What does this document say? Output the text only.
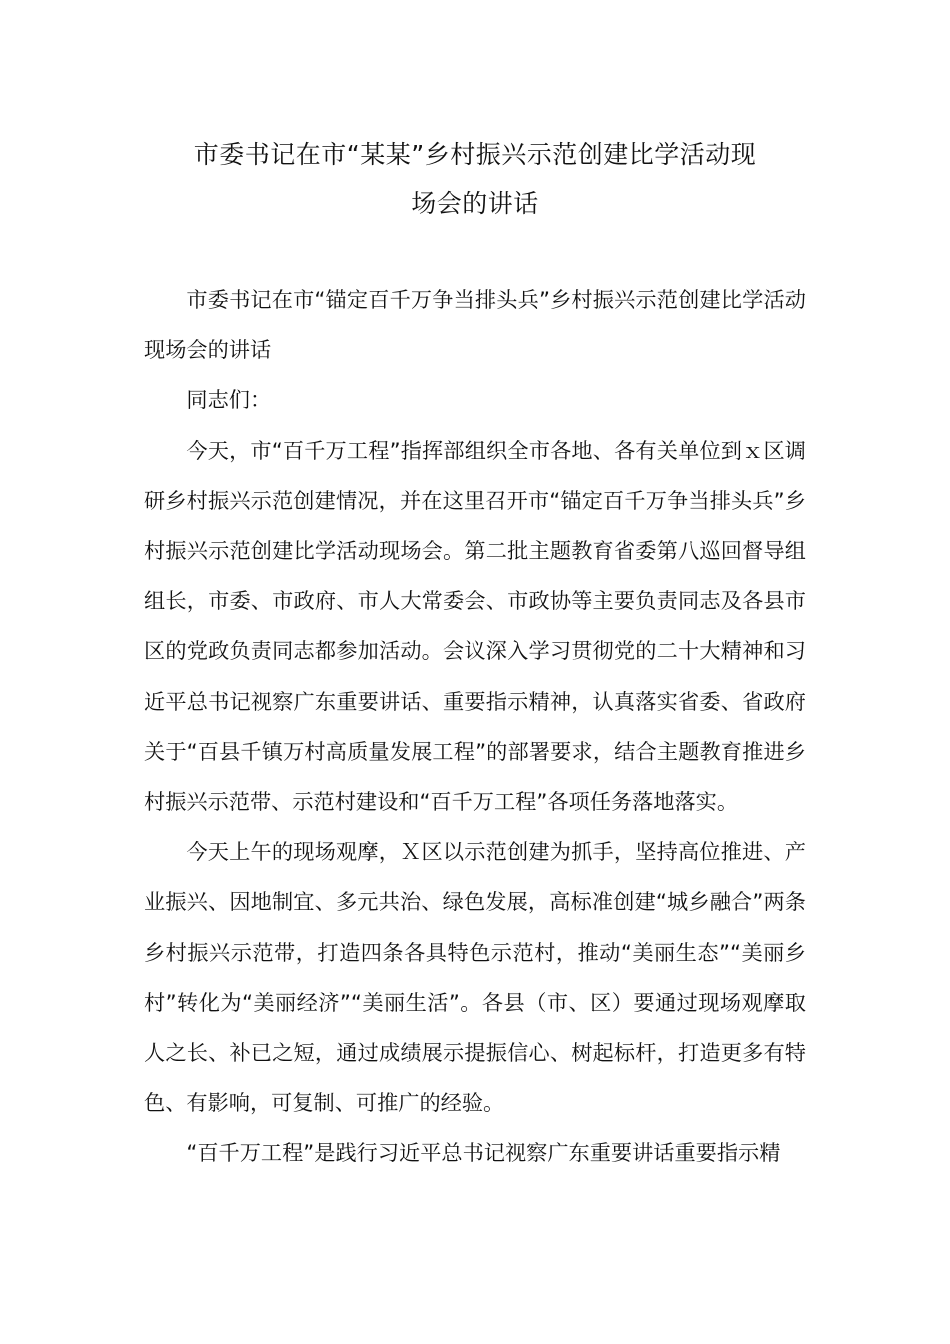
市委书记在市“某某”乡村振兴示范创建比学活动现
场会的讲话

市委书记在市“锚定百千万争当排头兵”乡村振兴示范创建比学活动现场会的讲话

同志们：

今天，市“百千万工程”指挥部组织全市各地、各有关单位到ｘ区调研乡村振兴示范创建情况，并在这里召开市“锚定百千万争当排头兵”乡村振兴示范创建比学活动现场会。第二批主题教育省委第八巡回督导组组长，市委、市政府、市人大常委会、市政协等主要负责同志及各县市区的党政负责同志都参加活动。会议深入学习贯彻党的二十大精神和习近平总书记视察广东重要讲话、重要指示精神，认真落实省委、省政府关于“百县千镇万村高质量发展工程”的部署要求，结合主题教育推进乡村振兴示范带、示范村建设和“百千万工程”各项任务落地落实。

今天上午的现场观摩，Ｘ区以示范创建为抓手，坚持高位推进、产业振兴、因地制宜、多元共治、绿色发展，高标准创建“城乡融合”两条乡村振兴示范带，打造四条各具特色示范村，推动“美丽生态”“美丽乡村”转化为“美丽经济”“美丽生活”。各县（市、区）要通过现场观摩取人之长、补已之短，通过成绩展示提振信心、树起标杆，打造更多有特色、有影响，可复制、可推广的经验。

“百千万工程”是践行习近平总书记视察广东重要讲话重要指示精
